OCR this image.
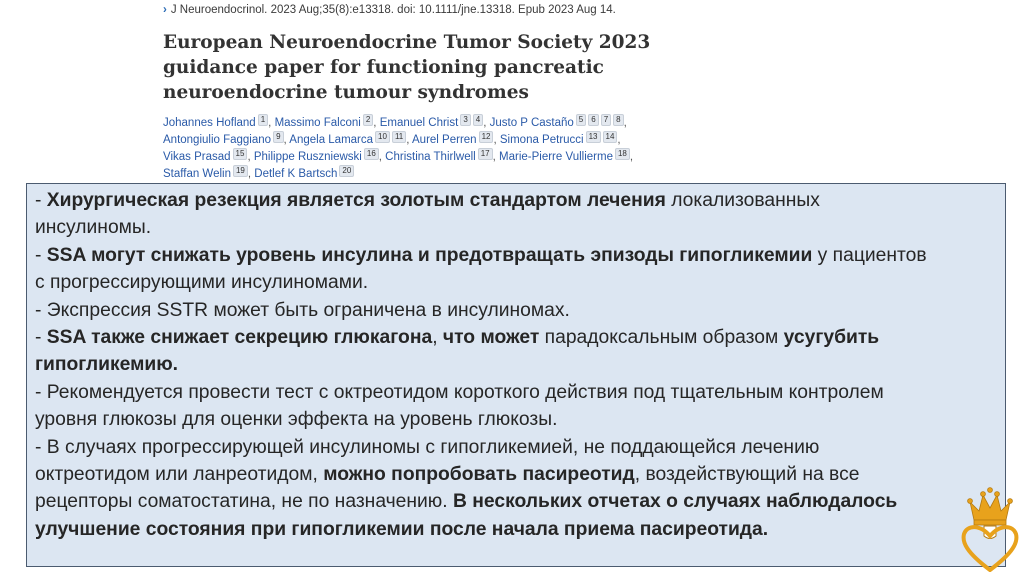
› J Neuroendocrinol. 2023 Aug;35(8):e13318. doi: 10.1111/jne.13318. Epub 2023 Aug 14.
European Neuroendocrine Tumor Society 2023
guidance paper for functioning pancreatic
neuroendocrine tumour syndromes
Johannes Hofland 1 , Massimo Falconi 2 , Emanuel Christ 3 4 , Justo P Castaño 5 6 7 8 ,
Antongiulio Faggiano 9 , Angela Lamarca 10 11 , Aurel Perren 12 , Simona Petrucci 13 14 ,
Vikas Prasad 15 , Philippe Ruszniewski 16 , Christina Thirlwell 17 , Marie-Pierre Vullierme 18 ,
Staffan Welin 19 , Detlef K Bartsch 20
- Хирургическая резекция является золотым стандартом лечения локализованных
инсулиномы.
- SSA могут снижать уровень инсулина и предотвращать эпизоды гипогликемии у пациентов
с прогрессирующими инсулиномами.
- Экспрессия SSTR может быть ограничена в инсулиномах.
- SSA также снижает секрецию глюкагона, что может парадоксальным образом усугубить
гипогликемию.
- Рекомендуется провести тест с октреотидом короткого действия под тщательным контролем
уровня глюкозы для оценки эффекта на уровень глюкозы.
- В случаях прогрессирующей инсулиномы с гипогликемией, не поддающейся лечению
октреотидом или ланреотидом, можно попробовать пасиреотид, воздействующий на все
рецепторы соматостатина, не по назначению. В нескольких отчетах о случаях наблюдалось
улучшение состояния при гипогликемии после начала приема пасиреотида.
